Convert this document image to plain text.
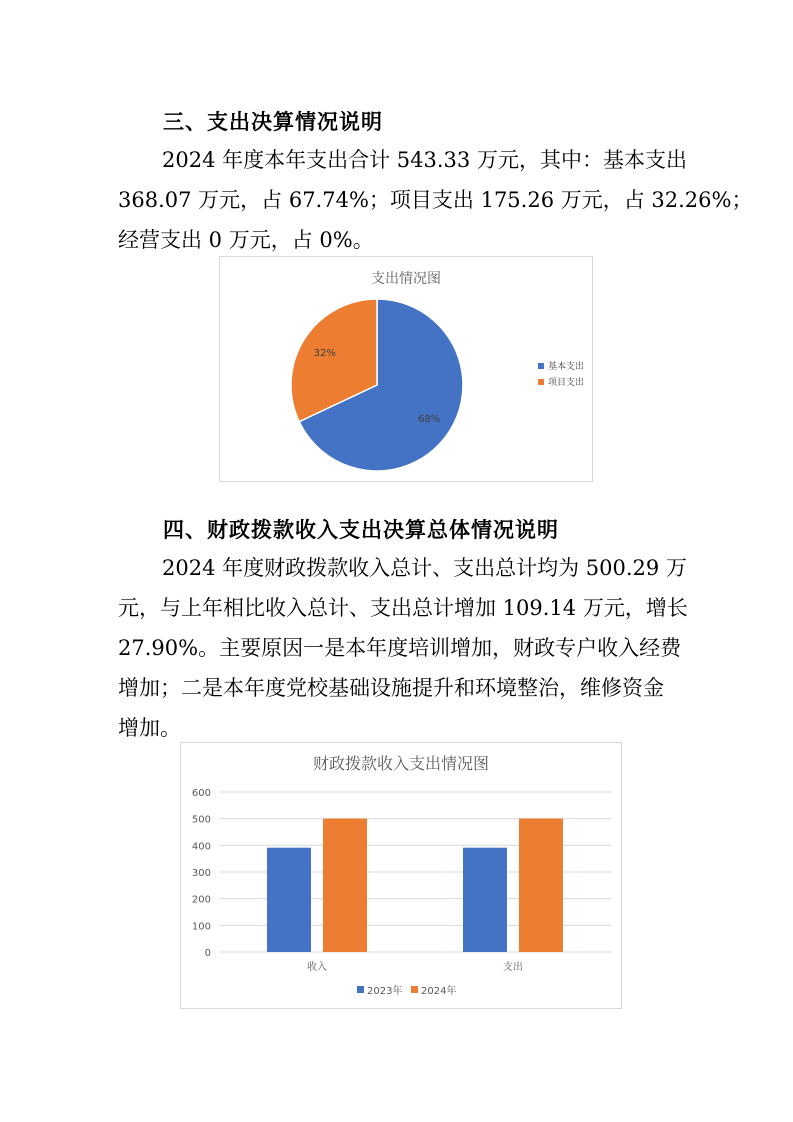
三、支出决算情况说明
2024 年度本年支出合计 543.33 万元，其中：基本支出
368.07 万元，占 67.74%；项目支出 175.26 万元，占 32.26%；
经营支出 0 万元，占 0%。
支出情况图
68%
32%
基本支出
项目支出
四、财政拨款收入支出决算总体情况说明
2024 年度财政拨款收入总计、支出总计均为 500.29 万
元，与上年相比收入总计、支出总计增加 109.14 万元，增长
27.90%。主要原因一是本年度培训增加，财政专户收入经费
增加；二是本年度党校基础设施提升和环境整治，维修资金
增加。
财政拨款收入支出情况图
0
100
200
300
400
500
600
收入	支出
2023年 2024年
